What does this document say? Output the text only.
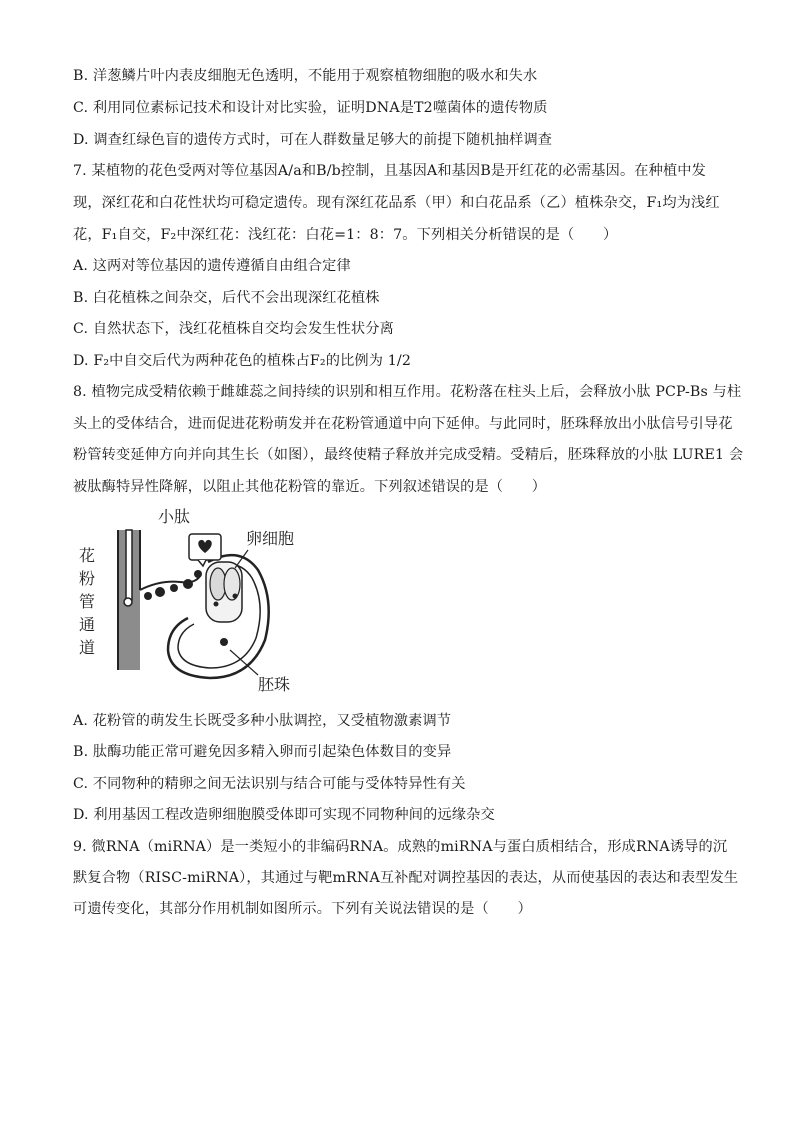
B. 洋葱鳞片叶内表皮细胞无色透明，不能用于观察植物细胞的吸水和失水
C. 利用同位素标记技术和设计对比实验，证明DNA是T2噬菌体的遗传物质
D. 调查红绿色盲的遗传方式时，可在人群数量足够大的前提下随机抽样调查
7. 某植物的花色受两对等位基因A/a和B/b控制，且基因A和基因B是开红花的必需基因。在种植中发
现，深红花和白花性状均可稳定遗传。现有深红花品系（甲）和白花品系（乙）植株杂交，F₁均为浅红
花，F₁自交，F₂中深红花：浅红花：白花=1：8：7。下列相关分析错误的是（　　）
A. 这两对等位基因的遗传遵循自由组合定律
B. 白花植株之间杂交，后代不会出现深红花植株
C. 自然状态下，浅红花植株自交均会发生性状分离
D. F₂中自交后代为两种花色的植株占F₂的比例为 1/2
8. 植物完成受精依赖于雌雄蕊之间持续的识别和相互作用。花粉落在柱头上后，会释放小肽 PCP-Bs 与柱
头上的受体结合，进而促进花粉萌发并在花粉管通道中向下延伸。与此同时，胚珠释放出小肽信号引导花
粉管转变延伸方向并向其生长（如图），最终使精子释放并完成受精。受精后，胚珠释放的小肽 LURE1 会
被肽酶特异性降解，以阻止其他花粉管的靠近。下列叙述错误的是（　　）
小肽
卵细胞
花粉管通道
胚珠
A. 花粉管的萌发生长既受多种小肽调控，又受植物激素调节
B. 肽酶功能正常可避免因多精入卵而引起染色体数目的变异
C. 不同物种的精卵之间无法识别与结合可能与受体特异性有关
D. 利用基因工程改造卵细胞膜受体即可实现不同物种间的远缘杂交
9. 微RNA（miRNA）是一类短小的非编码RNA。成熟的miRNA与蛋白质相结合，形成RNA诱导的沉
默复合物（RISC-miRNA），其通过与靶mRNA互补配对调控基因的表达，从而使基因的表达和表型发生
可遗传变化，其部分作用机制如图所示。下列有关说法错误的是（　　）
